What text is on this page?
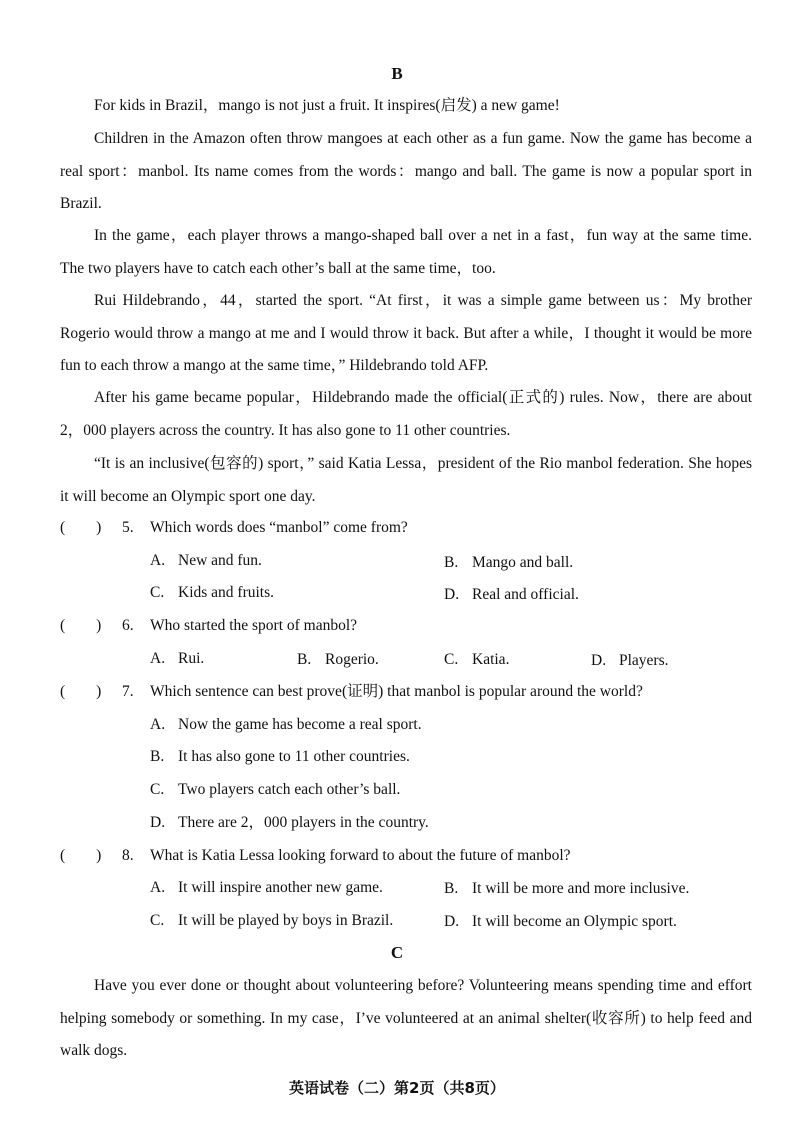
B
For kids in Brazil，mango is not just a fruit. It inspires(启发) a new game!
Children in the Amazon often throw mangoes at each other as a fun game. Now the game has become a real sport：manbol. Its name comes from the words：mango and ball. The game is now a popular sport in Brazil.
In the game，each player throws a mango-shaped ball over a net in a fast，fun way at the same time. The two players have to catch each other’s ball at the same time，too.
Rui Hildebrando，44，started the sport. “At first，it was a simple game between us：My brother Rogerio would throw a mango at me and I would throw it back. But after a while，I thought it would be more fun to each throw a mango at the same time，” Hildebrando told AFP.
After his game became popular，Hildebrando made the official(正式的) rules. Now，there are about 2，000 players across the country. It has also gone to 11 other countries.
“It is an inclusive(包容的) sport，” said Katia Lessa，president of the Rio manbol federation. She hopes it will become an Olympic sport one day.
(　　) 5. Which words does “manbol” come from?
A. New and fun.	B. Mango and ball.
C. Kids and fruits.	D. Real and official.
(　　) 6. Who started the sport of manbol?
A. Rui.	B. Rogerio.	C. Katia.	D. Players.
(　　) 7. Which sentence can best prove(证明) that manbol is popular around the world?
A. Now the game has become a real sport.
B. It has also gone to 11 other countries.
C. Two players catch each other’s ball.
D. There are 2，000 players in the country.
(　　) 8. What is Katia Lessa looking forward to about the future of manbol?
A. It will inspire another new game.	B. It will be more and more inclusive.
C. It will be played by boys in Brazil.	D. It will become an Olympic sport.
C
Have you ever done or thought about volunteering before? Volunteering means spending time and effort helping somebody or something. In my case，I’ve volunteered at an animal shelter(收容所) to help feed and walk dogs.
英语试卷（二）第2页（共8页）
